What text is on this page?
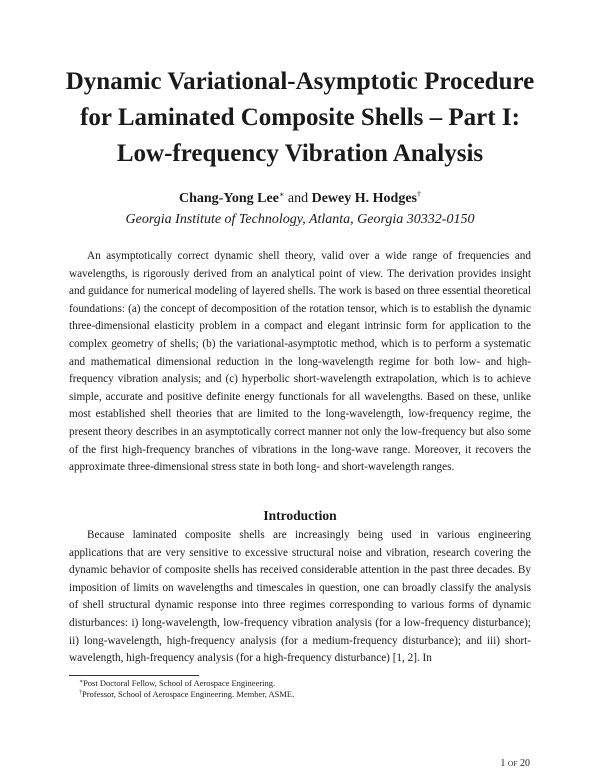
Dynamic Variational-Asymptotic Procedure
for Laminated Composite Shells – Part I:
Low-frequency Vibration Analysis
Chang-Yong Lee∗ and Dewey H. Hodges†
Georgia Institute of Technology, Atlanta, Georgia 30332-0150

An asymptotically correct dynamic shell theory, valid over a wide range of frequencies and wavelengths, is rigorously derived from an analytical point of view. The derivation provides insight and guidance for numerical modeling of layered shells. The work is based on three essential theoretical foundations: (a) the concept of decomposition of the rotation tensor, which is to establish the dynamic three-dimensional elasticity problem in a compact and elegant intrinsic form for application to the complex geometry of shells; (b) the variational-asymptotic method, which is to perform a systematic and mathematical dimensional reduction in the long-wavelength regime for both low- and high-frequency vibration analysis; and (c) hyperbolic short-wavelength extrapolation, which is to achieve simple, accurate and positive definite energy functionals for all wavelengths. Based on these, unlike most established shell theories that are limited to the long-wavelength, low-frequency regime, the present theory describes in an asymptotically correct manner not only the low-frequency but also some of the first high-frequency branches of vibrations in the long-wave range. Moreover, it recovers the approximate three-dimensional stress state in both long- and short-wavelength ranges.

Introduction

Because laminated composite shells are increasingly being used in various engineering applications that are very sensitive to excessive structural noise and vibration, research covering the dynamic behavior of composite shells has received considerable attention in the past three decades. By imposition of limits on wavelengths and timescales in question, one can broadly classify the analysis of shell structural dynamic response into three regimes corresponding to various forms of dynamic disturbances: i) long-wavelength, low-frequency vibration analysis (for a low-frequency disturbance); ii) long-wavelength, high-frequency analysis (for a medium-frequency disturbance); and iii) short-wavelength, high-frequency analysis (for a high-frequency disturbance) [1, 2]. In

∗Post Doctoral Fellow, School of Aerospace Engineering.
†Professor, School of Aerospace Engineering. Member, ASME.
1 OF 20
